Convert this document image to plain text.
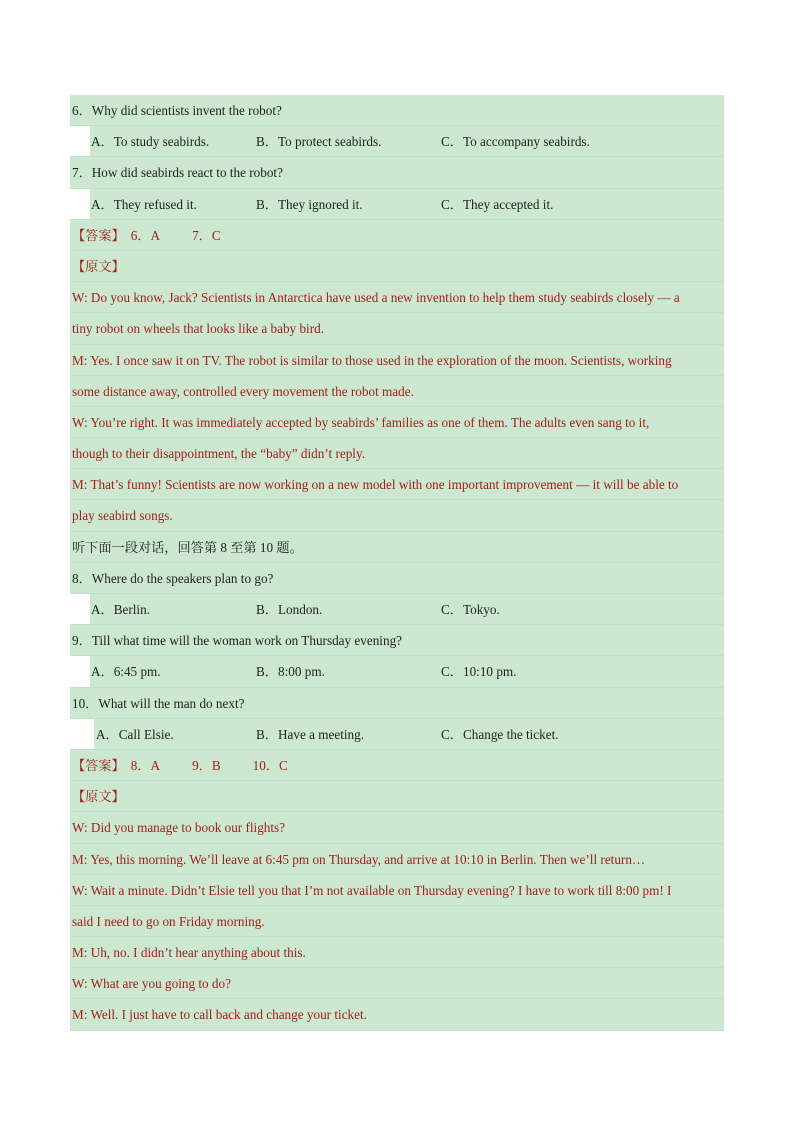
6．Why did scientists invent the robot?
A．To study seabirds.	B．To protect seabirds.	C．To accompany seabirds.
7．How did seabirds react to the robot?
A．They refused it.	B．They ignored it.	C．They accepted it.
【答案】 6．A 7．C
【原文】
W: Do you know, Jack? Scientists in Antarctica have used a new invention to help them study seabirds closely — a
tiny robot on wheels that looks like a baby bird.
M: Yes. I once saw it on TV. The robot is similar to those used in the exploration of the moon. Scientists, working
some distance away, controlled every movement the robot made.
W: You’re right. It was immediately accepted by seabirds’ families as one of them. The adults even sang to it,
though to their disappointment, the “baby” didn’t reply.
M: That’s funny! Scientists are now working on a new model with one important improvement — it will be able to
play seabird songs.
听下面一段对话，回答第 8 至第 10 题。
8．Where do the speakers plan to go?
A．Berlin.	B．London.	C．Tokyo.
9．Till what time will the woman work on Thursday evening?
A．6:45 pm.	B．8:00 pm.	C．10:10 pm.
10．What will the man do next?
A．Call Elsie.	B．Have a meeting.	C．Change the ticket.
【答案】 8．A 9．B 10．C
【原文】
W: Did you manage to book our flights?
M: Yes, this morning. We’ll leave at 6:45 pm on Thursday, and arrive at 10:10 in Berlin. Then we’ll return…
W: Wait a minute. Didn’t Elsie tell you that I’m not available on Thursday evening? I have to work till 8:00 pm! I
said I need to go on Friday morning.
M: Uh, no. I didn’t hear anything about this.
W: What are you going to do?
M: Well. I just have to call back and change your ticket.
